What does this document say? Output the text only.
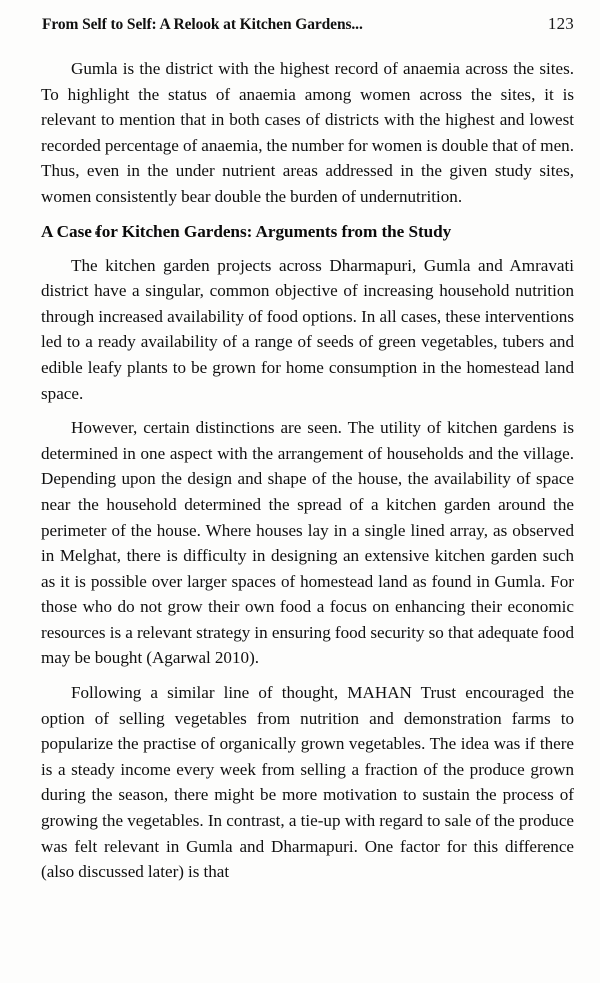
From Self to Self: A Relook at Kitchen Gardens...	123

Gumla is the district with the highest record of anaemia across the sites. To highlight the status of anaemia among women across the sites, it is relevant to mention that in both cases of districts with the highest and lowest recorded percentage of anaemia, the number for women is double that of men. Thus, even in the under nutrient areas addressed in the given study sites, women consistently bear double the burden of undernutrition.

A Case for Kitchen Gardens: Arguments from the Study

The kitchen garden projects across Dharmapuri, Gumla and Amravati district have a singular, common objective of increasing household nutrition through increased availability of food options. In all cases, these interventions led to a ready availability of a range of seeds of green vegetables, tubers and edible leafy plants to be grown for home consumption in the homestead land space.

However, certain distinctions are seen. The utility of kitchen gardens is determined in one aspect with the arrangement of households and the village. Depending upon the design and shape of the house, the availability of space near the household determined the spread of a kitchen garden around the perimeter of the house. Where houses lay in a single lined array, as observed in Melghat, there is difficulty in designing an extensive kitchen garden such as it is possible over larger spaces of homestead land as found in Gumla. For those who do not grow their own food a focus on enhancing their economic resources is a relevant strategy in ensuring food security so that adequate food may be bought (Agarwal 2010).

Following a similar line of thought, MAHAN Trust encouraged the option of selling vegetables from nutrition and demonstration farms to popularize the practise of organically grown vegetables. The idea was if there is a steady income every week from selling a fraction of the produce grown during the season, there might be more motivation to sustain the process of growing the vegetables. In contrast, a tie-up with regard to sale of the produce was felt relevant in Gumla and Dharmapuri. One factor for this difference (also discussed later) is that
